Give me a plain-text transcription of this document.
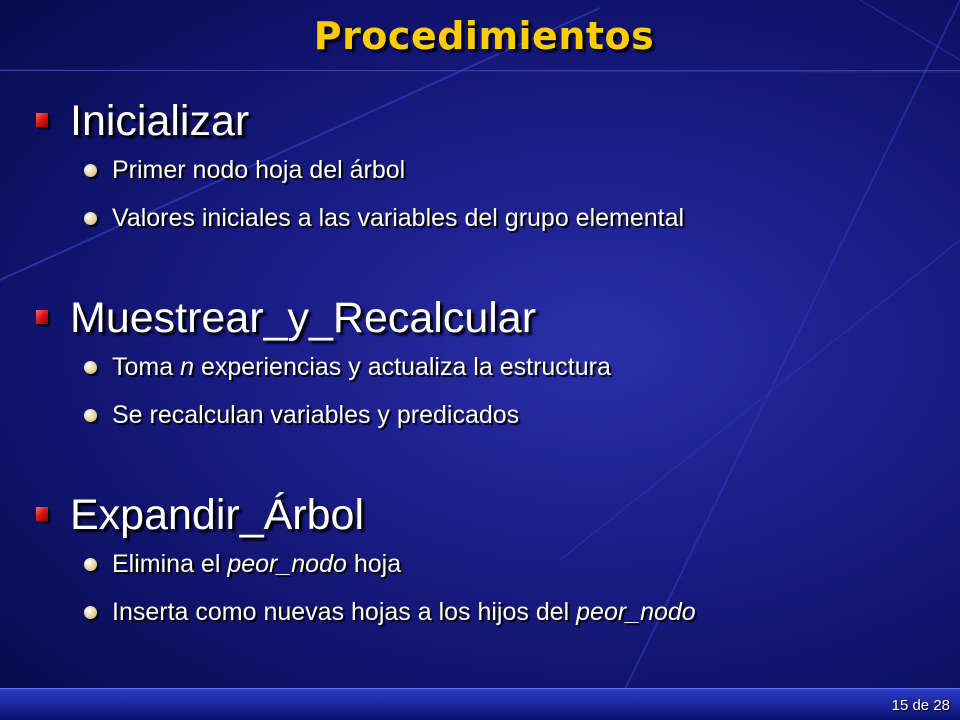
Procedimientos
Inicializar
Primer nodo hoja del árbol
Valores iniciales a las variables del grupo elemental
Muestrear_y_Recalcular
Toma n experiencias y actualiza la estructura
Se recalculan variables y predicados
Expandir_Árbol
Elimina el peor_nodo hoja
Inserta como nuevas hojas a los hijos del peor_nodo
15 de 28
